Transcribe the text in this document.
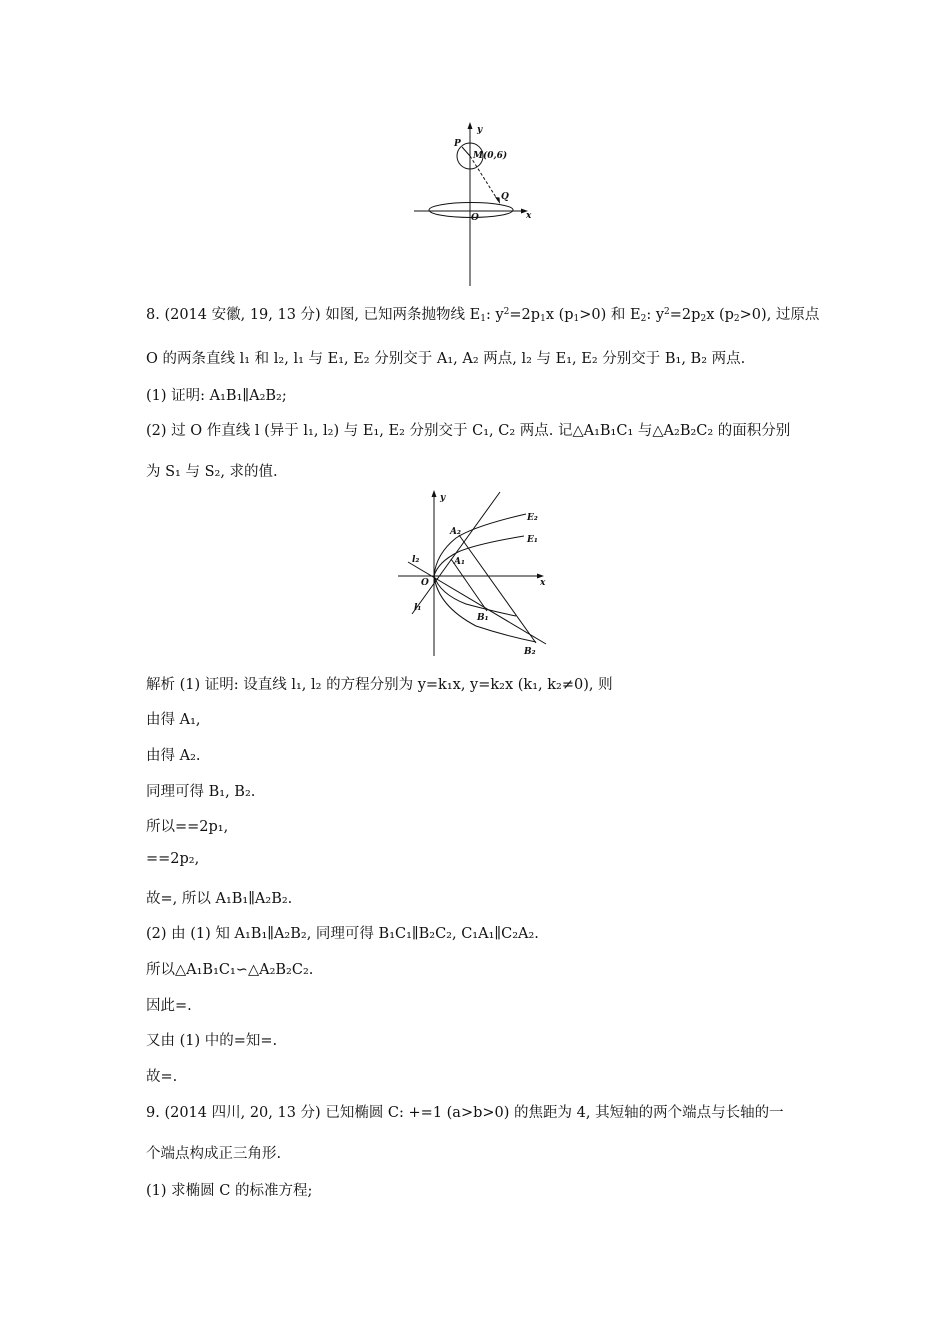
y
x
P
M(0,6)
Q
O
8. (2014 安徽, 19, 13 分) 如图, 已知两条抛物线 $E_1$: $y^2=2p_1x$ $(p_1>0)$ 和 $E_2$: $y^2=2p_2x$ $(p_2>0)$, 过原点
O 的两条直线 l₁ 和 l₂, l₁ 与 E₁, E₂ 分别交于 A₁, A₂ 两点, l₂ 与 E₁, E₂ 分别交于 B₁, B₂ 两点.
(1) 证明: A₁B₁∥A₂B₂;
(2) 过 O 作直线 l (异于 l₁, l₂) 与 E₁, E₂ 分别交于 C₁, C₂ 两点. 记△A₁B₁C₁ 与△A₂B₂C₂ 的面积分别
为 S₁ 与 S₂, 求的值.
y
x
O
A₂
A₁
B₁
B₂
E₂
E₁
l₂
l₁
解析 (1) 证明: 设直线 l₁, l₂ 的方程分别为 y=k₁x, y=k₂x (k₁, k₂≠0), 则
由得 A₁,
由得 A₂.
同理可得 B₁, B₂.
所以==2p₁,
==2p₂,
故=, 所以 A₁B₁∥A₂B₂.
(2) 由 (1) 知 A₁B₁∥A₂B₂, 同理可得 B₁C₁∥B₂C₂, C₁A₁∥C₂A₂.
所以△A₁B₁C₁∽△A₂B₂C₂.
因此=.
又由 (1) 中的=知=.
故=.
9. (2014 四川, 20, 13 分) 已知椭圆 C: +=1 (a>b>0) 的焦距为 4, 其短轴的两个端点与长轴的一
个端点构成正三角形.
(1) 求椭圆 C 的标准方程;
